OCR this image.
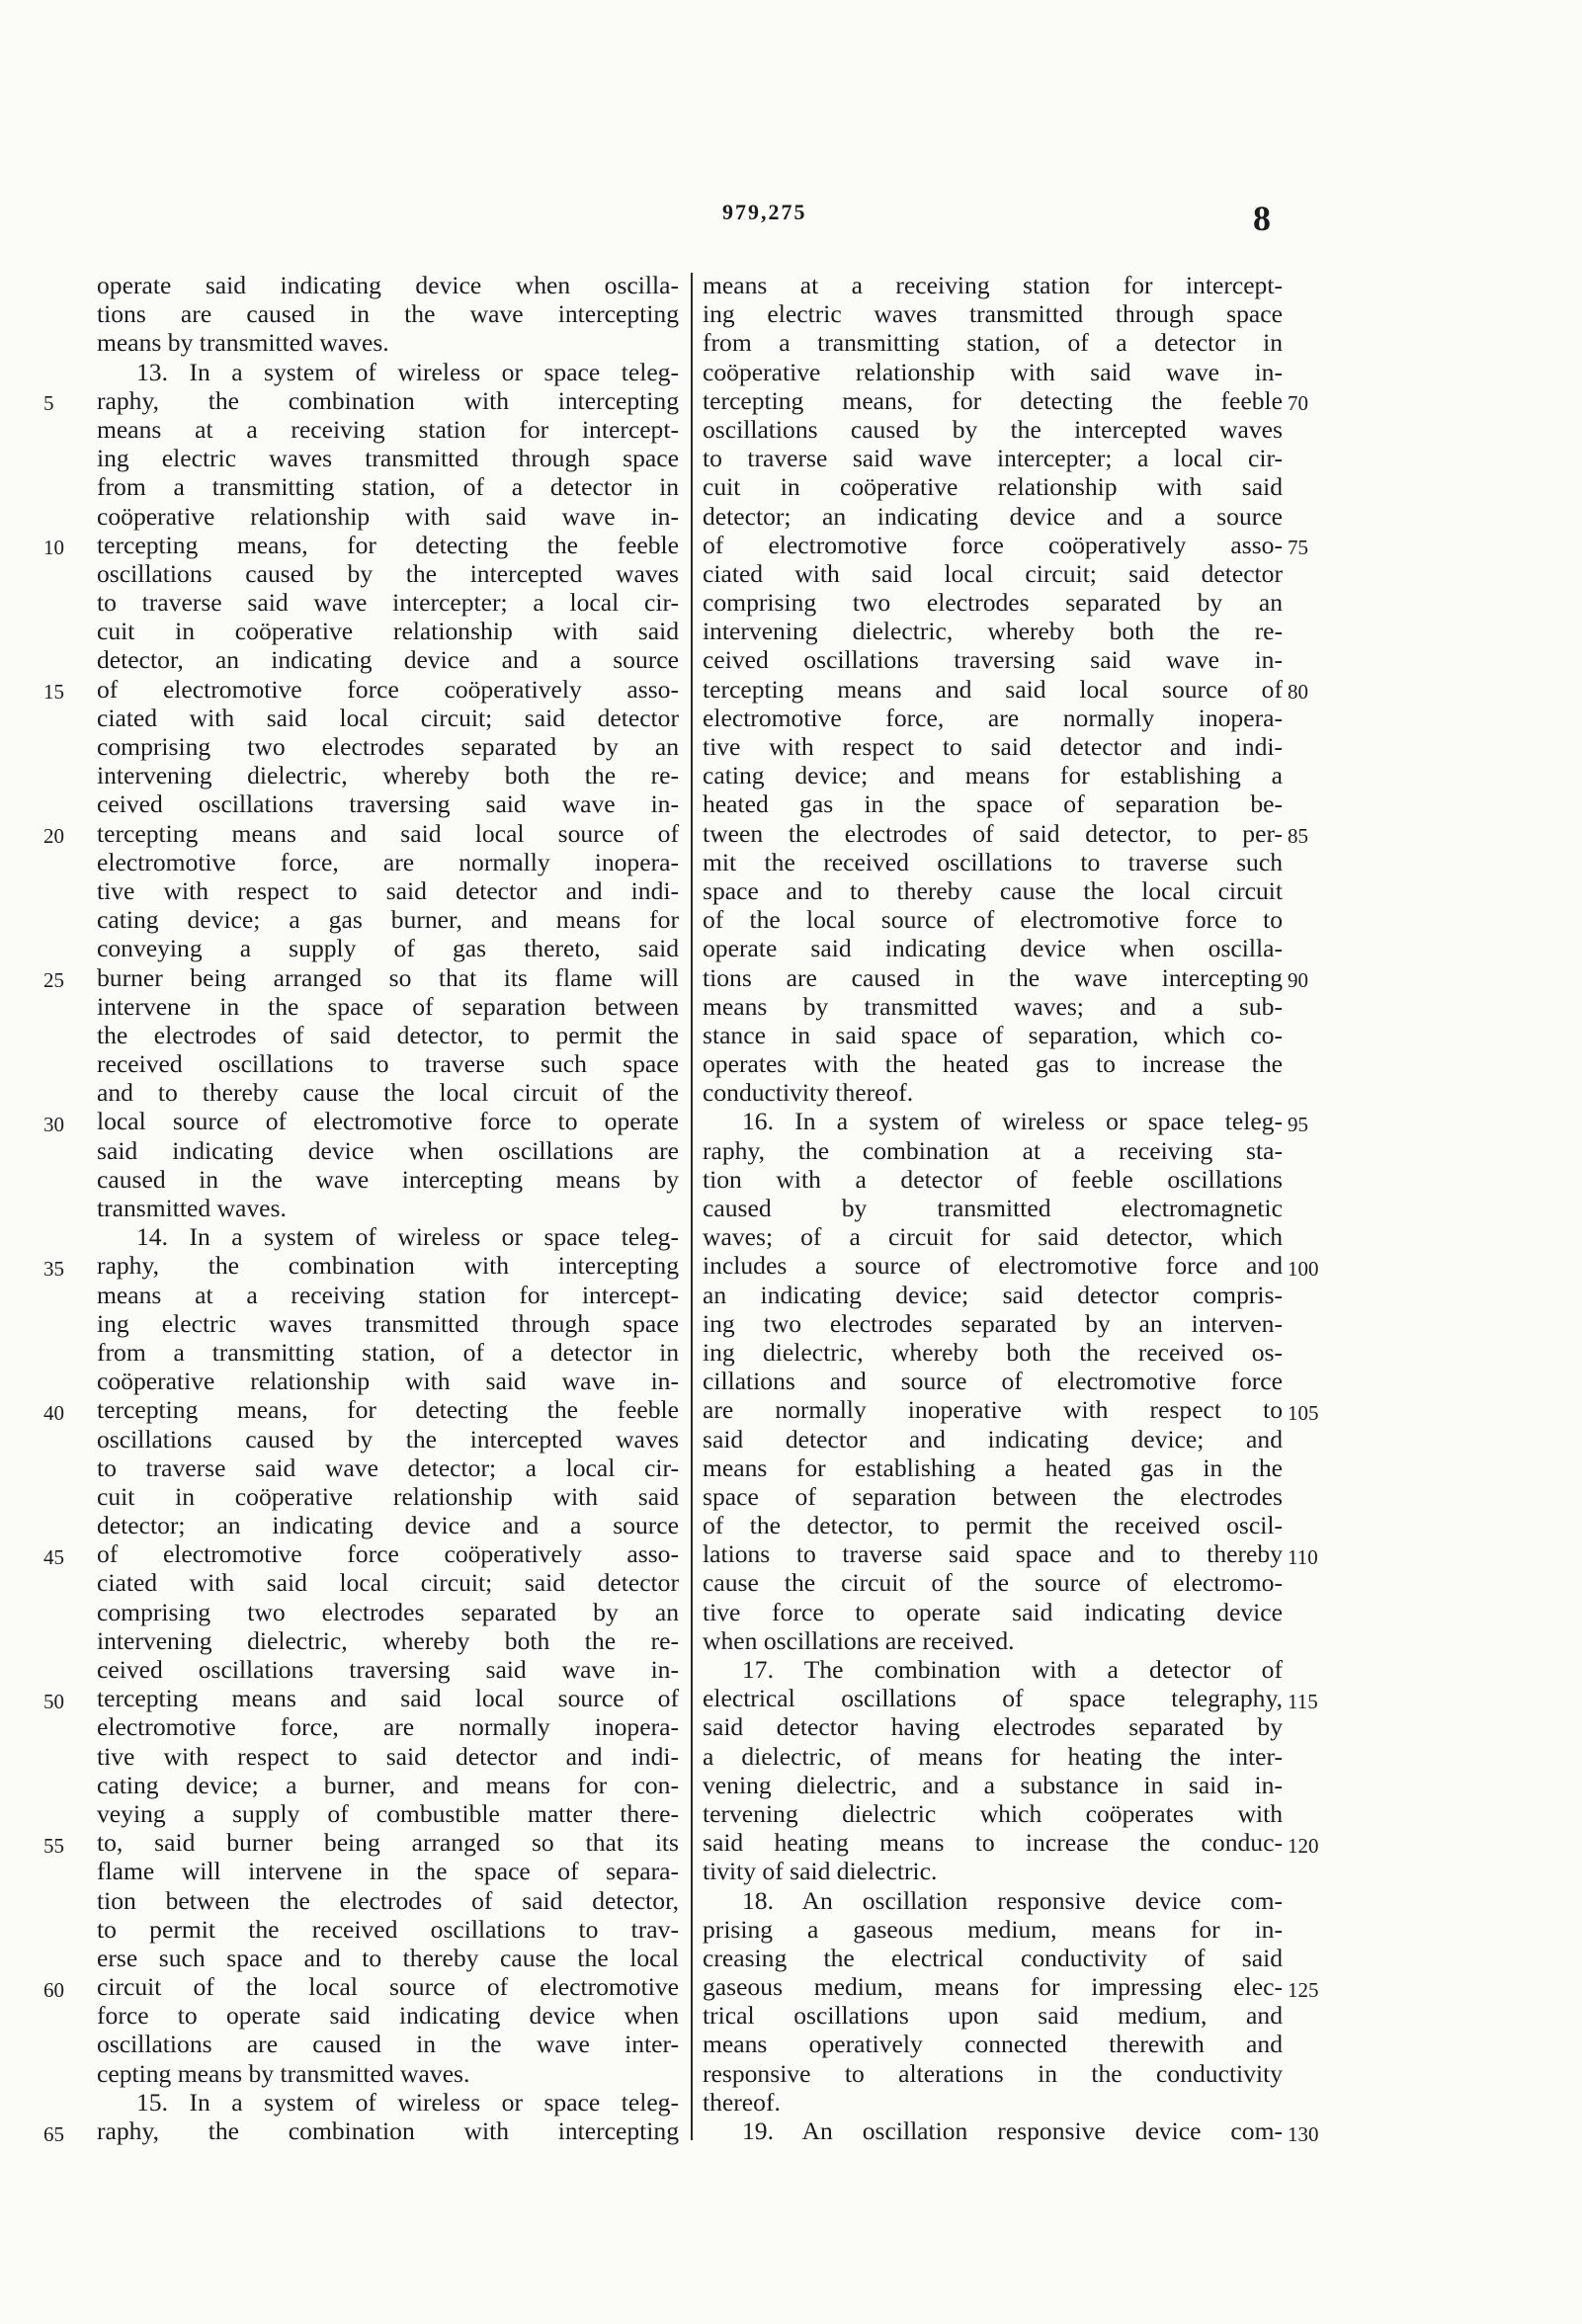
979,275	8
operate said indicating device when oscilla-
tions are caused in the wave intercepting
means by transmitted waves.
13. In a system of wireless or space teleg-
raphy, the combination with intercepting
means at a receiving station for intercept-
ing electric waves transmitted through space
from a transmitting station, of a detector in
coöperative relationship with said wave in-
tercepting means, for detecting the feeble
oscillations caused by the intercepted waves
to traverse said wave intercepter; a local cir-
cuit in coöperative relationship with said
detector, an indicating device and a source
of electromotive force coöperatively asso-
ciated with said local circuit; said detector
comprising two electrodes separated by an
intervening dielectric, whereby both the re-
ceived oscillations traversing said wave in-
tercepting means and said local source of
electromotive force, are normally inopera-
tive with respect to said detector and indi-
cating device; a gas burner, and means for
conveying a supply of gas thereto, said
burner being arranged so that its flame will
intervene in the space of separation between
the electrodes of said detector, to permit the
received oscillations to traverse such space
and to thereby cause the local circuit of the
local source of electromotive force to operate
said indicating device when oscillations are
caused in the wave intercepting means by
transmitted waves.
14. In a system of wireless or space teleg-
raphy, the combination with intercepting
means at a receiving station for intercept-
ing electric waves transmitted through space
from a transmitting station, of a detector in
coöperative relationship with said wave in-
tercepting means, for detecting the feeble
oscillations caused by the intercepted waves
to traverse said wave detector; a local cir-
cuit in coöperative relationship with said
detector; an indicating device and a source
of electromotive force coöperatively asso-
ciated with said local circuit; said detector
comprising two electrodes separated by an
intervening dielectric, whereby both the re-
ceived oscillations traversing said wave in-
tercepting means and said local source of
electromotive force, are normally inopera-
tive with respect to said detector and indi-
cating device; a burner, and means for con-
veying a supply of combustible matter there-
to, said burner being arranged so that its
flame will intervene in the space of separa-
tion between the electrodes of said detector,
to permit the received oscillations to trav-
erse such space and to thereby cause the local
circuit of the local source of electromotive
force to operate said indicating device when
oscillations are caused in the wave inter-
cepting means by transmitted waves.
15. In a system of wireless or space teleg-
raphy, the combination with intercepting
means at a receiving station for intercept-
ing electric waves transmitted through space
from a transmitting station, of a detector in
coöperative relationship with said wave in-
tercepting means, for detecting the feeble
oscillations caused by the intercepted waves
to traverse said wave intercepter; a local cir-
cuit in coöperative relationship with said
detector; an indicating device and a source
of electromotive force coöperatively asso-
ciated with said local circuit; said detector
comprising two electrodes separated by an
intervening dielectric, whereby both the re-
ceived oscillations traversing said wave in-
tercepting means and said local source of
electromotive force, are normally inopera-
tive with respect to said detector and indi-
cating device; and means for establishing a
heated gas in the space of separation be-
tween the electrodes of said detector, to per-
mit the received oscillations to traverse such
space and to thereby cause the local circuit
of the local source of electromotive force to
operate said indicating device when oscilla-
tions are caused in the wave intercepting
means by transmitted waves; and a sub-
stance in said space of separation, which co-
operates with the heated gas to increase the
conductivity thereof.
16. In a system of wireless or space teleg-
raphy, the combination at a receiving sta-
tion with a detector of feeble oscillations
caused by transmitted electromagnetic
waves; of a circuit for said detector, which
includes a source of electromotive force and
an indicating device; said detector compris-
ing two electrodes separated by an interven-
ing dielectric, whereby both the received os-
cillations and source of electromotive force
are normally inoperative with respect to
said detector and indicating device; and
means for establishing a heated gas in the
space of separation between the electrodes
of the detector, to permit the received oscil-
lations to traverse said space and to thereby
cause the circuit of the source of electromo-
tive force to operate said indicating device
when oscillations are received.
17. The combination with a detector of
electrical oscillations of space telegraphy,
said detector having electrodes separated by
a dielectric, of means for heating the inter-
vening dielectric, and a substance in said in-
tervening dielectric which coöperates with
said heating means to increase the conduc-
tivity of said dielectric.
18. An oscillation responsive device com-
prising a gaseous medium, means for in-
creasing the electrical conductivity of said
gaseous medium, means for impressing elec-
trical oscillations upon said medium, and
means operatively connected therewith and
responsive to alterations in the conductivity
thereof.
19. An oscillation responsive device com-
5
10
15
20
25
30
35
40
45
50
55
60
65
70
75
80
85
90
95
100
105
110
115
120
125
130
